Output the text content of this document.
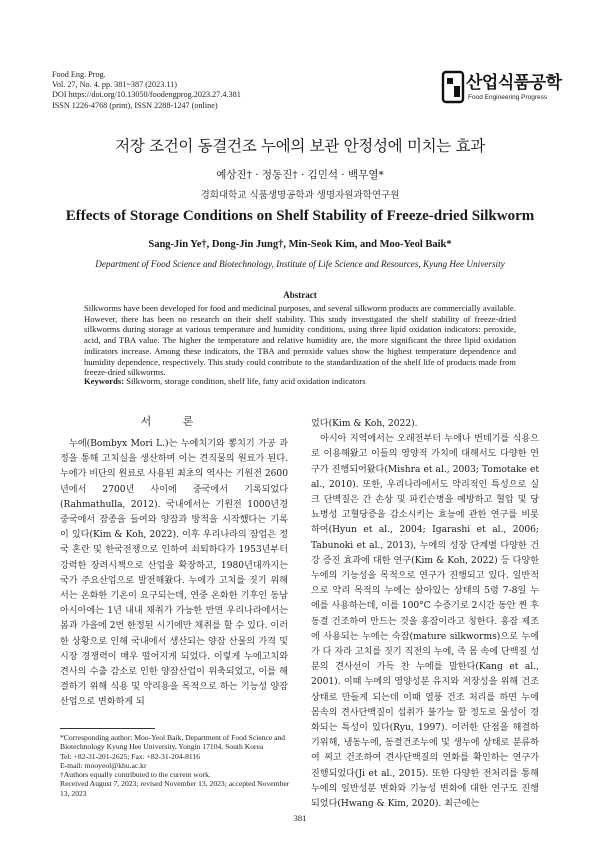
Food Eng. Prog.
Vol. 27, No. 4. pp. 381~387 (2023.11)
DOI https://doi.org/10.13050/foodengprog.2023.27.4.381
ISSN 1226-4768 (print), ISSN 2288-1247 (online)
산업식품공학
Food Engineering Progress
저장 조건이 동결건조 누에의 보관 안정성에 미치는 효과
예상진† · 정동진† · 김민석 · 백무열*
경희대학교 식품생명공학과 생명자원과학연구원
Effects of Storage Conditions on Shelf Stability of Freeze-dried Silkworm
Sang-Jin Ye†, Dong-Jin Jung†, Min-Seok Kim, and Moo-Yeol Baik*
Department of Food Science and Biotechnology, Institute of Life Science and Resources, Kyung Hee University
Abstract
Silkworms have been developed for food and medicinal purposes, and several silkworm products are commercially available. However, there has been no research on their shelf stability. This study investigated the shelf stability of freeze-dried silkworms during storage at various temperature and humidity conditions, using three lipid oxidation indicators: peroxide, acid, and TBA value. The higher the temperature and relative humidity are, the more significant the three lipid oxidation indicators increase. Among these indicators, the TBA and peroxide values show the highest temperature dependence and humidity dependence, respectively. This study could contribute to the standardization of the shelf life of products made from freeze-dried silkworms.
Keywords: Silkworm, storage condition, shelf life, fatty acid oxidation indicators
서 론

누에(Bombyx Mori L.)는 누에치기와 뽕치기 가공 과정을 통해 고치실을 생산하며 이는 견직물의 원료가 된다. 누에가 비단의 원료로 사용된 최초의 역사는 기원전 2600년에서 2700년 사이에 중국에서 기록되었다(Rahmathulla, 2012). 국내에서는 기원전 1000년경 중국에서 잠종을 들여와 양잠과 방적을 시작했다는 기록이 있다(Kim & Koh, 2022). 이후 우리나라의 잠업은 정국 혼란 및 한국전쟁으로 인하여 쇠퇴하다가 1953년부터 강력한 장려시책으로 산업을 확장하고, 1980년대까지는 국가 주요산업으로 발전해왔다. 누에가 고치를 짓기 위해서는 온화한 기온이 요구되는데, 연중 온화한 기후인 동남아시아에는 1년 내내 채취가 가능한 반면 우리나라에서는 봄과 가을에 2번 한정된 시기에만 채취를 할 수 있다. 이러한 상황으로 인해 국내에서 생산되는 양잠 산물의 가격 및 시장 경쟁력이 매우 떨어지게 되었다. 이렇게 누에고치와 견사의 수출 감소로 인한 양잠산업이 위축되었고, 이를 해결하기 위해 식용 및 약리용을 목적으로 하는 기능성 양잠산업으로 변화하게 되

었다(Kim & Koh, 2022).

아시아 지역에서는 오래전부터 누에나 번데기를 식용으로 이용해왔고 이들의 영양적 가치에 대해서도 다양한 연구가 진행되어왔다(Mishra et al., 2003; Tomotake et al., 2010). 또한, 우리나라에서도 약리적인 특성으로 실크 단백질은 간 손상 및 파킨슨병을 예방하고 혈압 및 당뇨병성 고혈당증을 감소시키는 효능에 관한 연구를 비롯하여(Hyun et al., 2004; Igarashi et al., 2006; Tabunoki et al., 2013), 누에의 성장 단계별 다양한 건강 증진 효과에 대한 연구(Kim & Koh, 2022) 등 다양한 누에의 기능성을 목적으로 연구가 진행되고 있다. 일반적으로 약리 목적의 누에는 살아있는 상태의 5령 7-8일 누에를 사용하는데, 이를 100°C 수증기로 2시간 동안 찐 후 동결 건조하여 만드는 것을 홍잠이라고 칭한다. 홍잠 제조에 사용되는 누에는 숙잠(mature silkworms)으로 누에가 다 자라 고치를 짓기 직전의 누에, 즉 몸 속에 단백질 성분의 견사선이 가득 찬 누에를 말한다(Kang et al., 2001). 이때 누에의 영양성분 유지와 저장성을 위해 건조상태로 만들게 되는데 이때 열풍 건조 처리를 하면 누에 몸속의 견사단백질이 섭취가 불가능 할 정도로 물성이 경화되는 특성이 있다(Ryu, 1997). 이러한 단점을 해결하기위해, 냉동누에, 동결건조누에 및 생누에 상태로 분류하여 찌고 건조하여 견사단백질의 연화를 확인하는 연구가 진행되었다(Ji et al., 2015). 또한 다양한 전처리를 통해 누에의 일반성분 변화와 기능성 변화에 대한 연구도 진행되었다(Hwang & Kim, 2020). 최근에는

*Corresponding author: Moo-Yeol Baik, Department of Food Science and Biotechnology Kyung Hee University, Yongin 17104, South Korea
Tel: +82-31-201-2625; Fax: +82-31-204-8116
E-mail: mooyeol@khu.ac.kr
†Authors equally contributed to the current work.
Received August 7, 2023; revised November 13, 2023; accepted November 13, 2023
381
